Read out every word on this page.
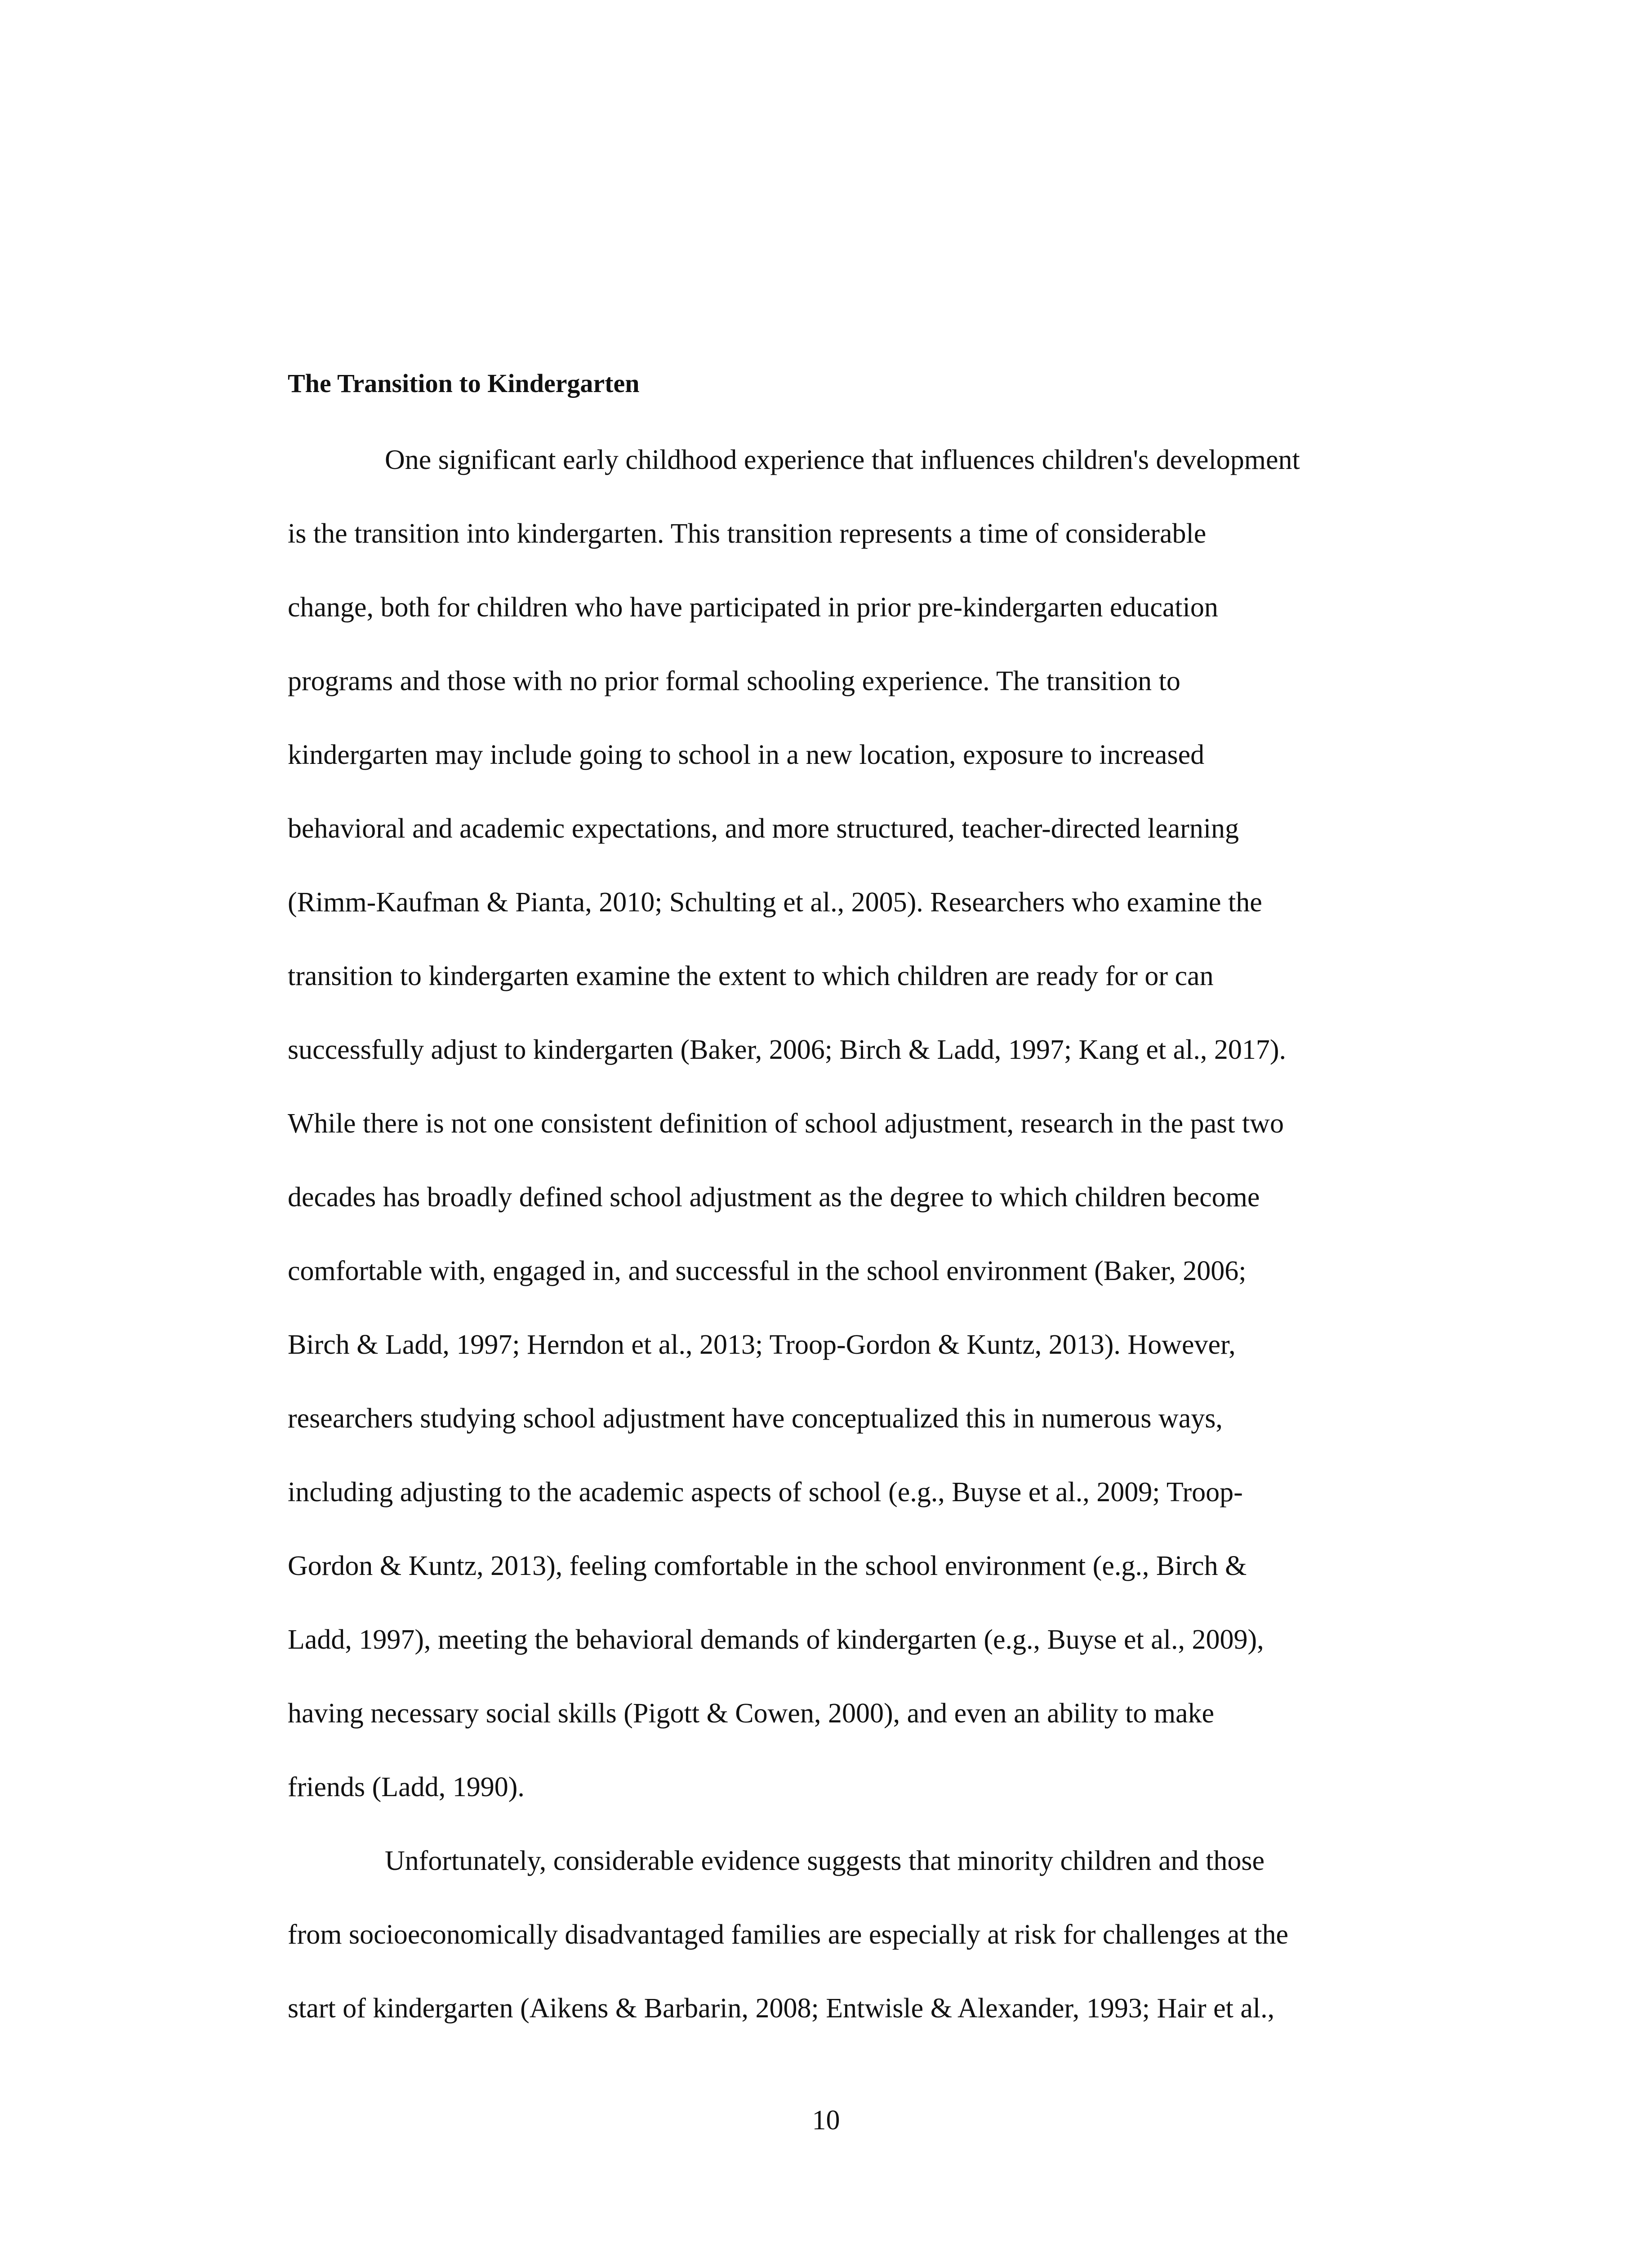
The Transition to Kindergarten
One significant early childhood experience that influences children's development
is the transition into kindergarten. This transition represents a time of considerable
change, both for children who have participated in prior pre-kindergarten education
programs and those with no prior formal schooling experience. The transition to
kindergarten may include going to school in a new location, exposure to increased
behavioral and academic expectations, and more structured, teacher-directed learning
(Rimm-Kaufman & Pianta, 2010; Schulting et al., 2005). Researchers who examine the
transition to kindergarten examine the extent to which children are ready for or can
successfully adjust to kindergarten (Baker, 2006; Birch & Ladd, 1997; Kang et al., 2017).
While there is not one consistent definition of school adjustment, research in the past two
decades has broadly defined school adjustment as the degree to which children become
comfortable with, engaged in, and successful in the school environment (Baker, 2006;
Birch & Ladd, 1997; Herndon et al., 2013; Troop-Gordon & Kuntz, 2013). However,
researchers studying school adjustment have conceptualized this in numerous ways,
including adjusting to the academic aspects of school (e.g., Buyse et al., 2009; Troop-
Gordon & Kuntz, 2013), feeling comfortable in the school environment (e.g., Birch &
Ladd, 1997), meeting the behavioral demands of kindergarten (e.g., Buyse et al., 2009),
having necessary social skills (Pigott & Cowen, 2000), and even an ability to make
friends (Ladd, 1990).
Unfortunately, considerable evidence suggests that minority children and those
from socioeconomically disadvantaged families are especially at risk for challenges at the
start of kindergarten (Aikens & Barbarin, 2008; Entwisle & Alexander, 1993; Hair et al.,
10
